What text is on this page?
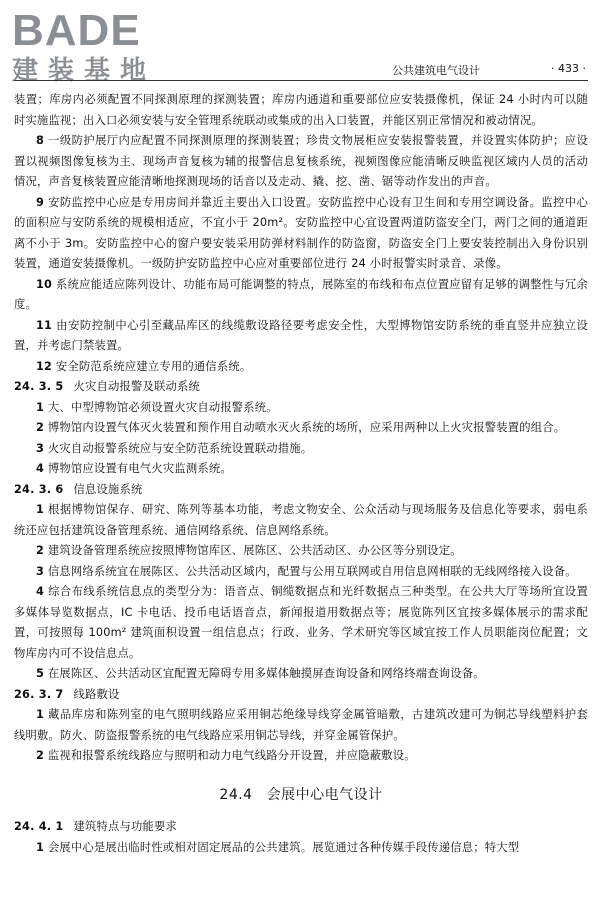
BADE
建装基地	公共建筑电气设计	· 433 ·

装置；库房内必须配置不同探测原理的探测装置；库房内通道和重要部位应安装摄像机，保证 24 小时内可以随时实施监视；出入口必须安装与安全管理系统联动或集成的出入口装置，并能区别正常情况和被动情况。

8 一级防护展厅内应配置不同探测原理的探测装置；珍贵文物展柜应安装报警装置，并设置实体防护；应设置以视频图像复核为主、现场声音复核为辅的报警信息复核系统，视频图像应能清晰反映监视区域内人员的活动情况，声音复核装置应能清晰地探测现场的话音以及走动、撬、挖、凿、锯等动作发出的声音。

9 安防监控中心应是专用房间并靠近主要出入口设置。安防监控中心设有卫生间和专用空调设备。监控中心的面积应与安防系统的规模相适应，不宜小于 20m²。安防监控中心宜设置两道防盗安全门，两门之间的通道距离不小于 3m。安防监控中心的窗户要安装采用防弹材料制作的防盗窗，防盗安全门上要安装控制出入身份识别装置，通道安装摄像机。一级防护安防监控中心应对重要部位进行 24 小时报警实时录音、录像。

10 系统应能适应陈列设计、功能布局可能调整的特点，展陈室的布线和布点位置应留有足够的调整性与冗余度。

11 由安防控制中心引至藏品库区的线缆敷设路径要考虑安全性，大型博物馆安防系统的垂直竖井应独立设置，并考虑门禁装置。

12 安全防范系统应建立专用的通信系统。

24. 3. 5 火灾自动报警及联动系统

1 大、中型博物馆必须设置火灾自动报警系统。

2 博物馆内设置气体灭火装置和预作用自动喷水灭火系统的场所，应采用两种以上火灾报警装置的组合。

3 火灾自动报警系统应与安全防范系统设置联动措施。

4 博物馆应设置有电气火灾监测系统。

24. 3. 6 信息设施系统

1 根据博物馆保存、研究、陈列等基本功能，考虑文物安全、公众活动与现场服务及信息化等要求，弱电系统还应包括建筑设备管理系统、通信网络系统、信息网络系统。

2 建筑设备管理系统应按照博物馆库区、展陈区、公共活动区、办公区等分别设定。

3 信息网络系统宜在展陈区、公共活动区域内，配置与公用互联网或自用信息网相联的无线网络接入设备。

4 综合布线系统信息点的类型分为：语音点、铜缆数据点和光纤数据点三种类型。在公共大厅等场所宜设置多媒体导览数据点，IC 卡电话、投币电话语音点，新闻报道用数据点等；展览陈列区宜按多媒体展示的需求配置，可按照每 100m² 建筑面积设置一组信息点；行政、业务、学术研究等区域宜按工作人员职能岗位配置；文物库房内可不设信息点。

5 在展陈区、公共活动区宜配置无障碍专用多媒体触摸屏查询设备和网络终端查询设备。

26. 3. 7 线路敷设

1 藏品库房和陈列室的电气照明线路应采用铜芯绝缘导线穿金属管暗敷，古建筑改建可为铜芯导线塑料护套线明敷。防火、防盗报警系统的电气线路应采用铜芯导线，并穿金属管保护。

2 监视和报警系统线路应与照明和动力电气线路分开设置，并应隐蔽敷设。

24.4 会展中心电气设计

24. 4. 1 建筑特点与功能要求

1 会展中心是展出临时性或相对固定展品的公共建筑。展览通过各种传媒手段传递信息；特大型
